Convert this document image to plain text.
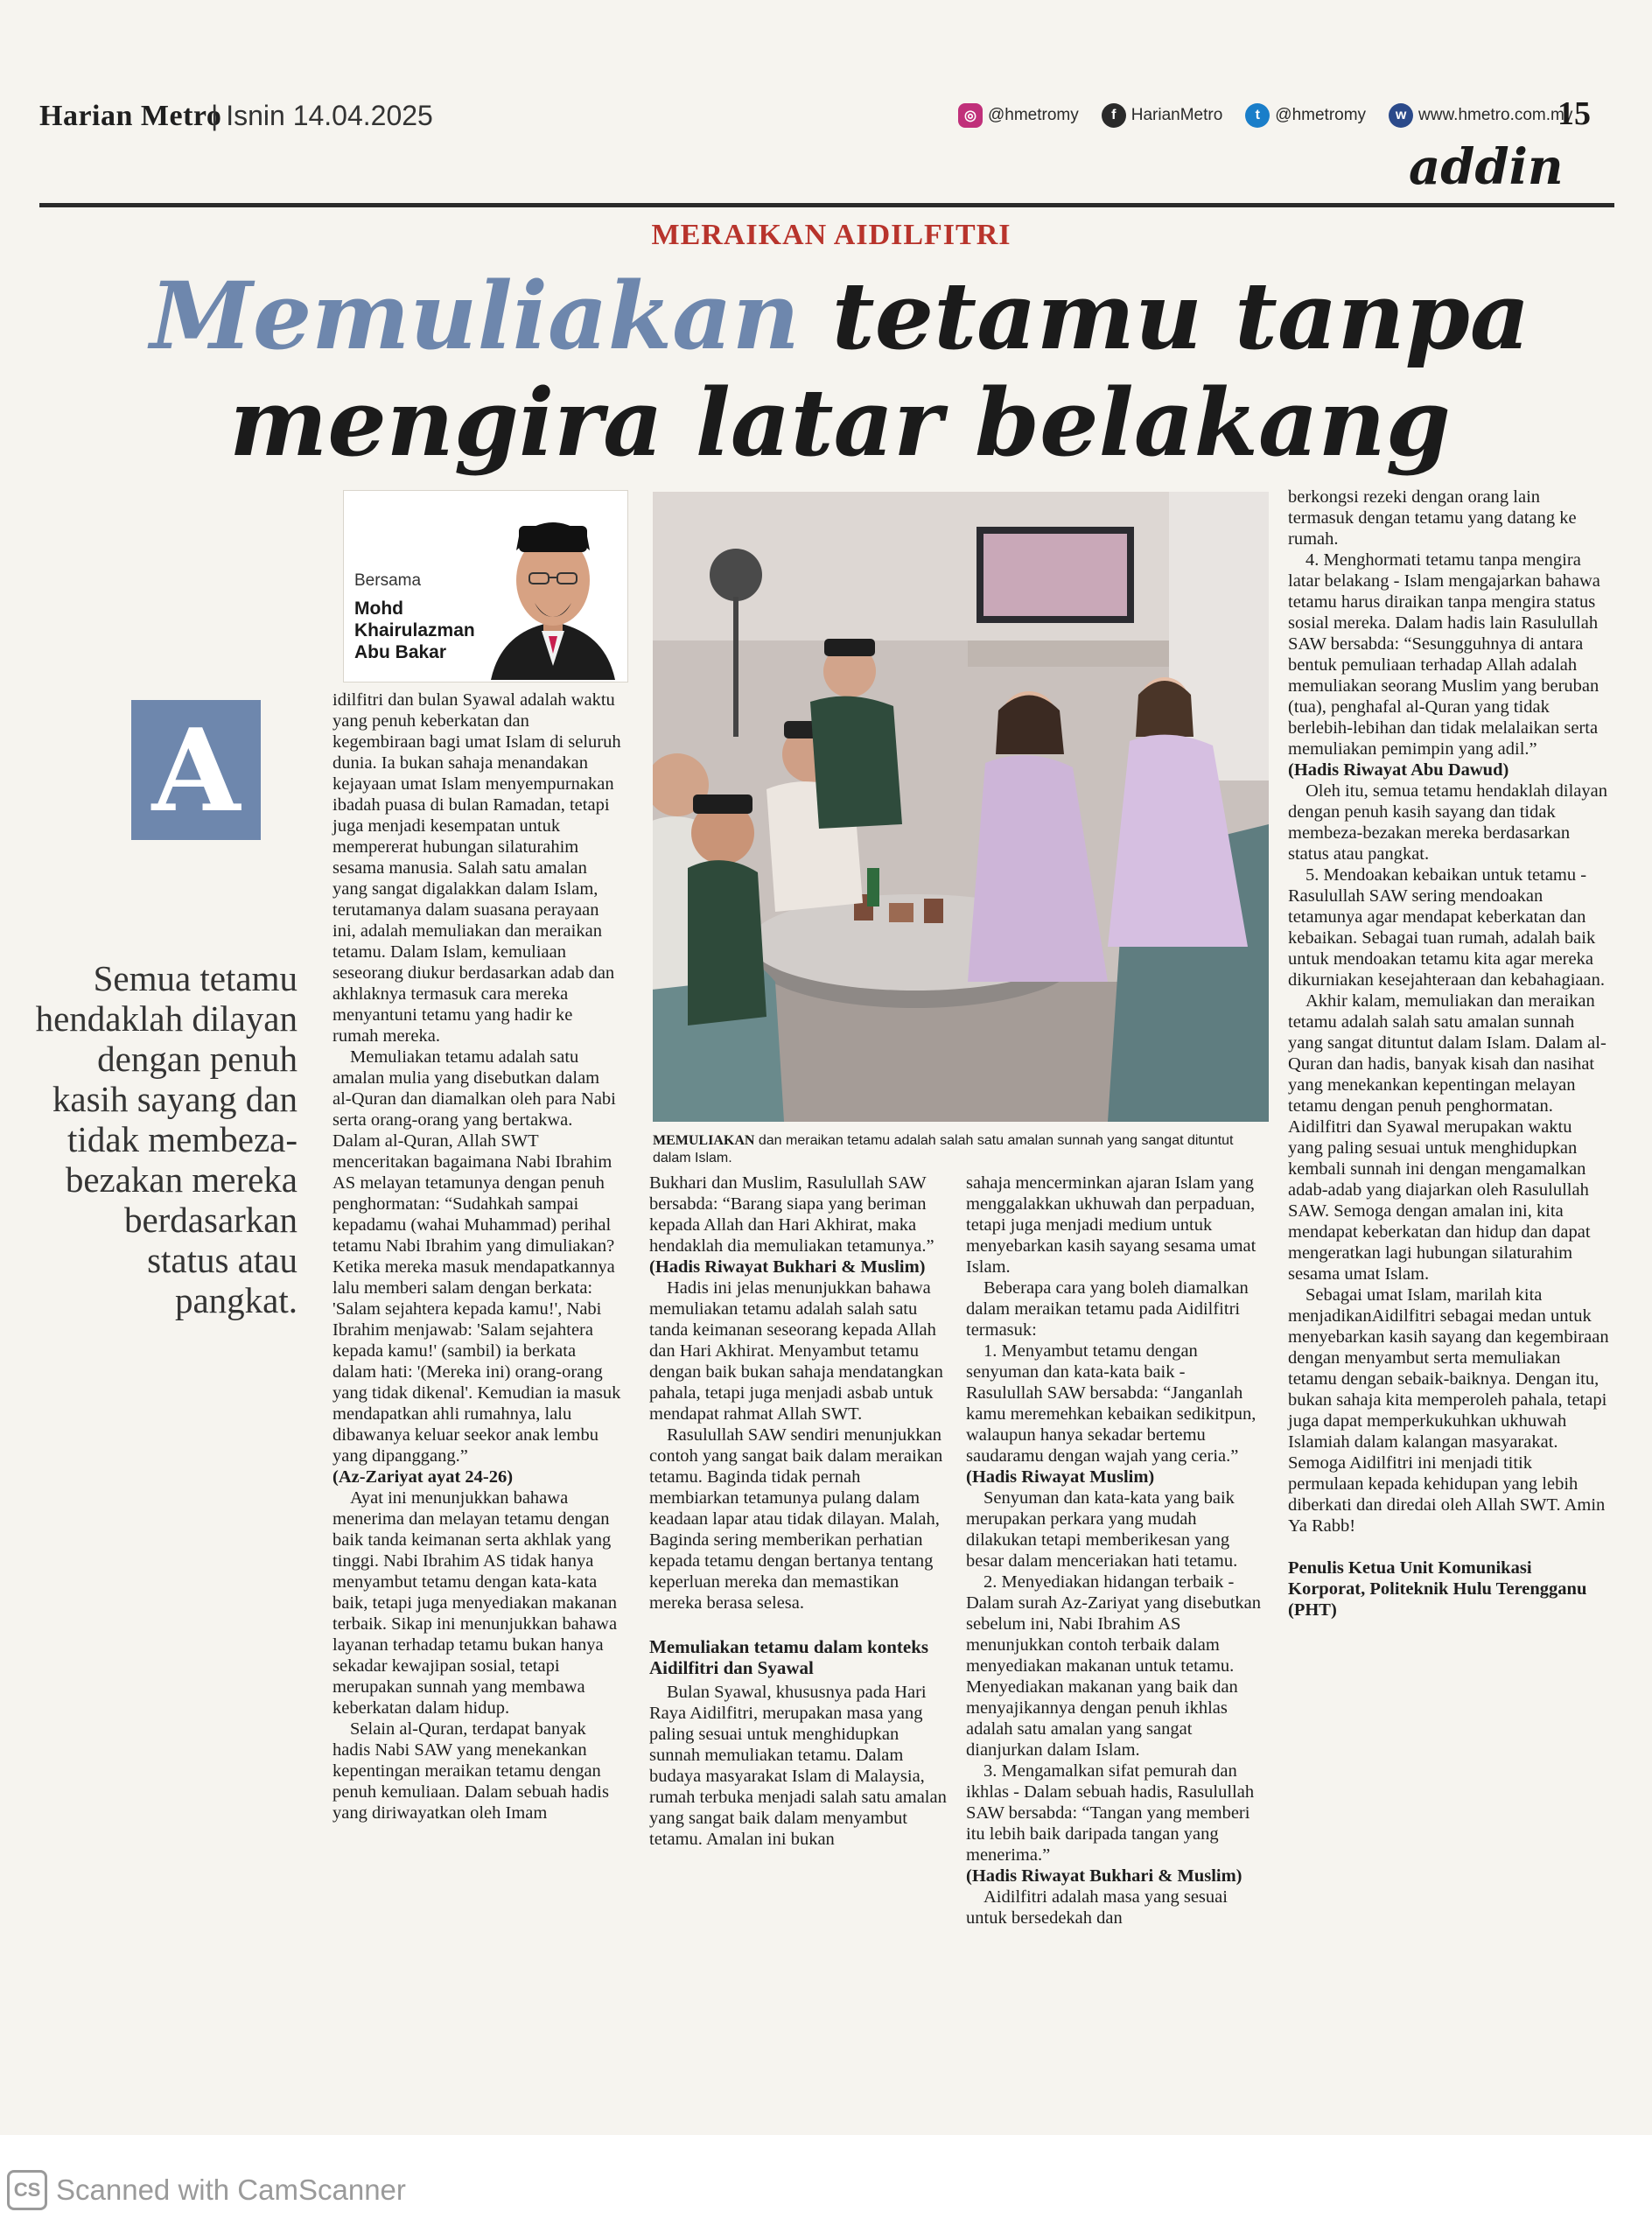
Harian Metro
| Isnin 14.04.2025	◎ @hmetromy	f HarianMetro	t @hmetromy	w www.hmetro.com.my
15
addin
MERAIKAN AIDILFITRI
Memuliakan tetamu tanpa
mengira latar belakang
Bersama
Mohd Khairulazman Abu Bakar
A
Semua tetamu hendaklah dilayan dengan penuh kasih sayang dan tidak membeza-bezakan mereka berdasarkan status atau pangkat.
MEMULIAKAN dan meraikan tetamu adalah salah satu amalan sunnah yang sangat dituntut dalam Islam.

idilfitri dan bulan Syawal adalah waktu yang penuh keberkatan dan kegembiraan bagi umat Islam di seluruh dunia. Ia bukan sahaja menandakan kejayaan umat Islam menyempurnakan ibadah puasa di bulan Ramadan, tetapi juga menjadi kesempatan untuk mempererat hubungan silaturahim sesama manusia. Salah satu amalan yang sangat digalakkan dalam Islam, terutamanya dalam suasana perayaan ini, adalah memuliakan dan meraikan tetamu. Dalam Islam, kemuliaan seseorang diukur berdasarkan adab dan akhlaknya termasuk cara mereka menyantuni tetamu yang hadir ke rumah mereka.

Memuliakan tetamu adalah satu amalan mulia yang disebutkan dalam al-Quran dan diamalkan oleh para Nabi serta orang-orang yang bertakwa. Dalam al-Quran, Allah SWT menceritakan bagaimana Nabi Ibrahim AS melayan tetamunya dengan penuh penghormatan: “Sudahkah sampai kepadamu (wahai Muhammad) perihal tetamu Nabi Ibrahim yang dimuliakan? Ketika mereka masuk mendapatkannya lalu memberi salam dengan berkata: 'Salam sejahtera kepada kamu!', Nabi Ibrahim menjawab: 'Salam sejahtera kepada kamu!' (sambil) ia berkata dalam hati: '(Mereka ini) orang-orang yang tidak dikenal'. Kemudian ia masuk mendapatkan ahli rumahnya, lalu dibawanya keluar seekor anak lembu yang dipanggang.”

(Az-Zariyat ayat 24-26)

Ayat ini menunjukkan bahawa menerima dan melayan tetamu dengan baik tanda keimanan serta akhlak yang tinggi. Nabi Ibrahim AS tidak hanya menyambut tetamu dengan kata-kata baik, tetapi juga menyediakan makanan terbaik. Sikap ini menunjukkan bahawa layanan terhadap tetamu bukan hanya sekadar kewajipan sosial, tetapi merupakan sunnah yang membawa keberkatan dalam hidup.

Selain al-Quran, terdapat banyak hadis Nabi SAW yang menekankan kepentingan meraikan tetamu dengan penuh kemuliaan. Dalam sebuah hadis yang diriwayatkan oleh Imam

Bukhari dan Muslim, Rasulullah SAW bersabda: “Barang siapa yang beriman kepada Allah dan Hari Akhirat, maka hendaklah dia memuliakan tetamunya.”

(Hadis Riwayat Bukhari & Muslim)

Hadis ini jelas menunjukkan bahawa memuliakan tetamu adalah salah satu tanda keimanan seseorang kepada Allah dan Hari Akhirat. Menyambut tetamu dengan baik bukan sahaja mendatangkan pahala, tetapi juga menjadi asbab untuk mendapat rahmat Allah SWT.

Rasulullah SAW sendiri menunjukkan contoh yang sangat baik dalam meraikan tetamu. Baginda tidak pernah membiarkan tetamunya pulang dalam keadaan lapar atau tidak dilayan. Malah, Baginda sering memberikan perhatian kepada tetamu dengan bertanya tentang keperluan mereka dan memastikan mereka berasa selesa.

Memuliakan tetamu dalam konteks Aidilfitri dan Syawal

Bulan Syawal, khususnya pada Hari Raya Aidilfitri, merupakan masa yang paling sesuai untuk menghidupkan sunnah memuliakan tetamu. Dalam budaya masyarakat Islam di Malaysia, rumah terbuka menjadi salah satu amalan yang sangat baik dalam menyambut tetamu. Amalan ini bukan

sahaja mencerminkan ajaran Islam yang menggalakkan ukhuwah dan perpaduan, tetapi juga menjadi medium untuk menyebarkan kasih sayang sesama umat Islam.

Beberapa cara yang boleh diamalkan dalam meraikan tetamu pada Aidilfitri termasuk:

1. Menyambut tetamu dengan senyuman dan kata-kata baik - Rasulullah SAW bersabda: “Janganlah kamu meremehkan kebaikan sedikitpun, walaupun hanya sekadar bertemu saudaramu dengan wajah yang ceria.”

(Hadis Riwayat Muslim)

Senyuman dan kata-kata yang baik merupakan perkara yang mudah dilakukan tetapi memberikesan yang besar dalam menceriakan hati tetamu.

2. Menyediakan hidangan terbaik - Dalam surah Az-Zariyat yang disebutkan sebelum ini, Nabi Ibrahim AS menunjukkan contoh terbaik dalam menyediakan makanan untuk tetamu. Menyediakan makanan yang baik dan menyajikannya dengan penuh ikhlas adalah satu amalan yang sangat dianjurkan dalam Islam.

3. Mengamalkan sifat pemurah dan ikhlas - Dalam sebuah hadis, Rasulullah SAW bersabda: “Tangan yang memberi itu lebih baik daripada tangan yang menerima.”

(Hadis Riwayat Bukhari & Muslim)

Aidilfitri adalah masa yang sesuai untuk bersedekah dan

berkongsi rezeki dengan orang lain termasuk dengan tetamu yang datang ke rumah.

4. Menghormati tetamu tanpa mengira latar belakang - Islam mengajarkan bahawa tetamu harus diraikan tanpa mengira status sosial mereka. Dalam hadis lain Rasulullah SAW bersabda: “Sesungguhnya di antara bentuk pemuliaan terhadap Allah adalah memuliakan seorang Muslim yang beruban (tua), penghafal al-Quran yang tidak berlebih-lebihan dan tidak melalaikan serta memuliakan pemimpin yang adil.”

(Hadis Riwayat Abu Dawud)

Oleh itu, semua tetamu hendaklah dilayan dengan penuh kasih sayang dan tidak membeza-bezakan mereka berdasarkan status atau pangkat.

5. Mendoakan kebaikan untuk tetamu - Rasulullah SAW sering mendoakan tetamunya agar mendapat keberkatan dan kebaikan. Sebagai tuan rumah, adalah baik untuk mendoakan tetamu kita agar mereka dikurniakan kesejahteraan dan kebahagiaan.

Akhir kalam, memuliakan dan meraikan tetamu adalah salah satu amalan sunnah yang sangat dituntut dalam Islam. Dalam al-Quran dan hadis, banyak kisah dan nasihat yang menekankan kepentingan melayan tetamu dengan penuh penghormatan. Aidilfitri dan Syawal merupakan waktu yang paling sesuai untuk menghidupkan kembali sunnah ini dengan mengamalkan adab-adab yang diajarkan oleh Rasulullah SAW. Semoga dengan amalan ini, kita mendapat keberkatan dan hidup dan dapat mengeratkan lagi hubungan silaturahim sesama umat Islam.

Sebagai umat Islam, marilah kita menjadikanAidilfitri sebagai medan untuk menyebarkan kasih sayang dan kegembiraan dengan menyambut serta memuliakan tetamu dengan sebaik-baiknya. Dengan itu, bukan sahaja kita memperoleh pahala, tetapi juga dapat memperkukuhkan ukhuwah Islamiah dalam kalangan masyarakat. Semoga Aidilfitri ini menjadi titik permulaan kepada kehidupan yang lebih diberkati dan diredai oleh Allah SWT. Amin Ya Rabb!

Penulis Ketua Unit Komunikasi Korporat, Politeknik Hulu Terengganu (PHT)

CS Scanned with CamScanner
